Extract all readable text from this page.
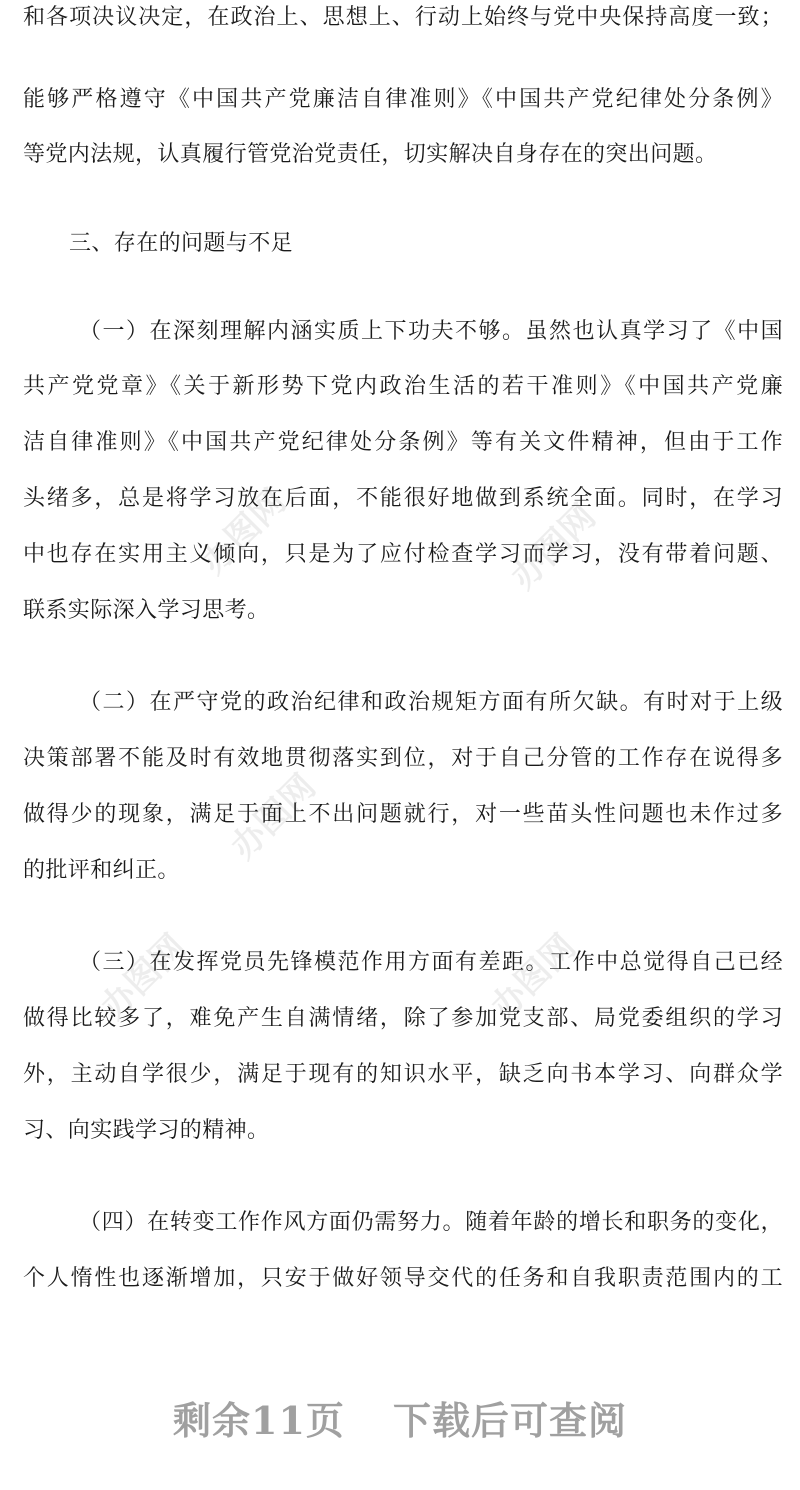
办图网	办图网
办图网
办图网	办图网
和各项决议决定，在政治上、思想上、行动上始终与党中央保持高度一致；
能够严格遵守《中国共产党廉洁自律准则》《中国共产党纪律处分条例》
等党内法规，认真履行管党治党责任，切实解决自身存在的突出问题。
三、存在的问题与不足
（一）在深刻理解内涵实质上下功夫不够。虽然也认真学习了《中国
共产党党章》《关于新形势下党内政治生活的若干准则》《中国共产党廉
洁自律准则》《中国共产党纪律处分条例》等有关文件精神，但由于工作
头绪多，总是将学习放在后面，不能很好地做到系统全面。同时，在学习
中也存在实用主义倾向，只是为了应付检查学习而学习，没有带着问题、
联系实际深入学习思考。
（二）在严守党的政治纪律和政治规矩方面有所欠缺。有时对于上级
决策部署不能及时有效地贯彻落实到位，对于自己分管的工作存在说得多
做得少的现象，满足于面上不出问题就行，对一些苗头性问题也未作过多
的批评和纠正。
（三）在发挥党员先锋模范作用方面有差距。工作中总觉得自己已经
做得比较多了，难免产生自满情绪，除了参加党支部、局党委组织的学习
外，主动自学很少，满足于现有的知识水平，缺乏向书本学习、向群众学
习、向实践学习的精神。
（四）在转变工作作风方面仍需努力。随着年龄的增长和职务的变化，
个人惰性也逐渐增加，只安于做好领导交代的任务和自我职责范围内的工
剩余11页 下载后可查阅
